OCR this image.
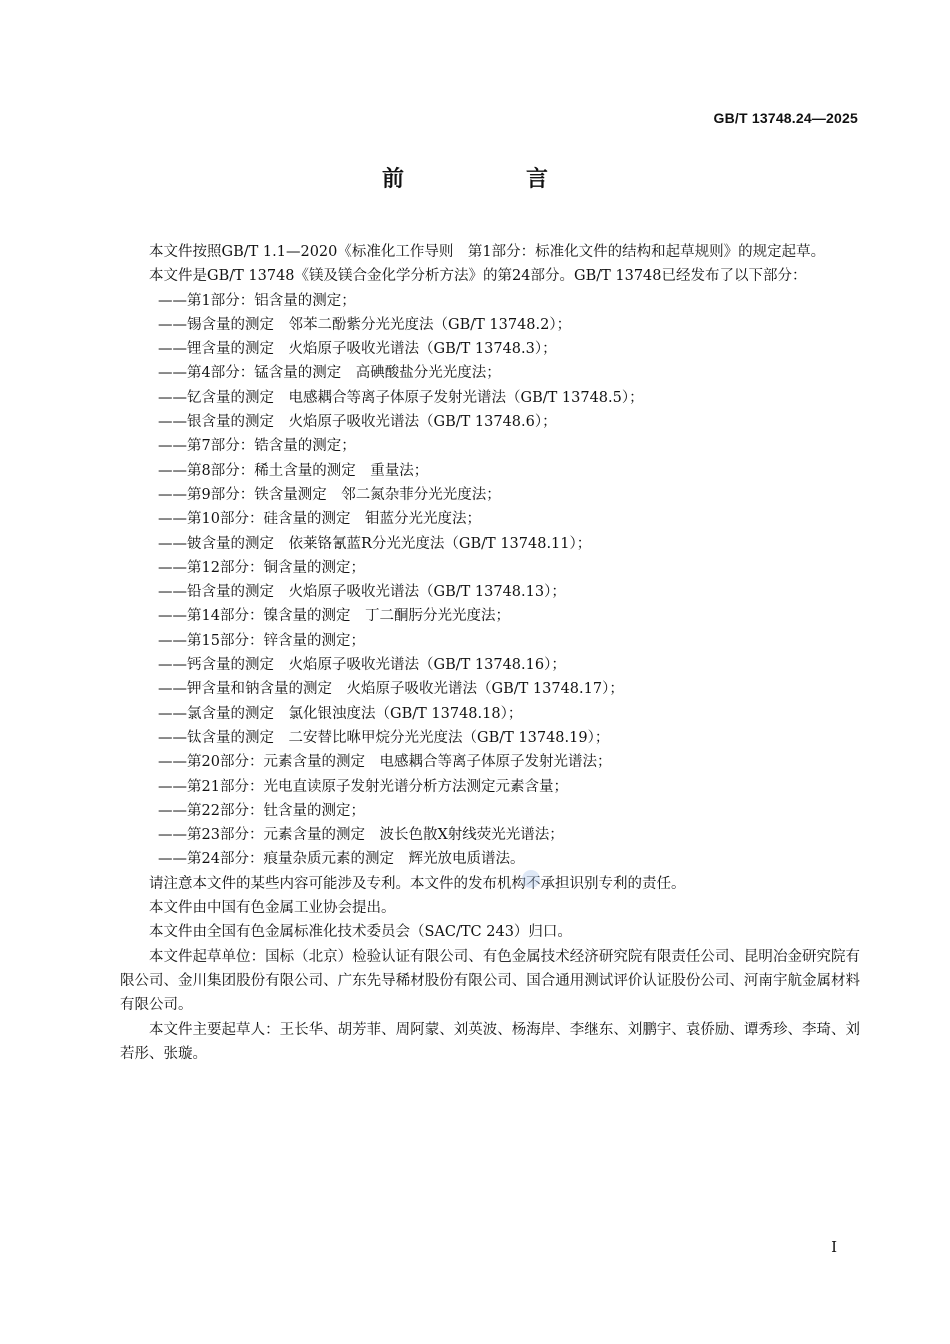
GB/T 13748.24—2025
前　言

本文件按照GB/T 1.1—2020《标准化工作导则　第1部分：标准化文件的结构和起草规则》的规定起草。

本文件是GB/T 13748《镁及镁合金化学分析方法》的第24部分。GB/T 13748已经发布了以下部分：

——第1部分：铝含量的测定；
——锡含量的测定　邻苯二酚紫分光光度法（GB/T 13748.2）；
——锂含量的测定　火焰原子吸收光谱法（GB/T 13748.3）；
——第4部分：锰含量的测定　高碘酸盐分光光度法；
——钇含量的测定　电感耦合等离子体原子发射光谱法（GB/T 13748.5）；
——银含量的测定　火焰原子吸收光谱法（GB/T 13748.6）；
——第7部分：锆含量的测定；
——第8部分：稀土含量的测定　重量法；
——第9部分：铁含量测定　邻二氮杂菲分光光度法；
——第10部分：硅含量的测定　钼蓝分光光度法；
——铍含量的测定　依莱铬氰蓝R分光光度法（GB/T 13748.11）；
——第12部分：铜含量的测定；
——铅含量的测定　火焰原子吸收光谱法（GB/T 13748.13）；
——第14部分：镍含量的测定　丁二酮肟分光光度法；
——第15部分：锌含量的测定；
——钙含量的测定　火焰原子吸收光谱法（GB/T 13748.16）；
——钾含量和钠含量的测定　火焰原子吸收光谱法（GB/T 13748.17）；
——氯含量的测定　氯化银浊度法（GB/T 13748.18）；
——钛含量的测定　二安替比咻甲烷分光光度法（GB/T 13748.19）；
——第20部分：元素含量的测定　电感耦合等离子体原子发射光谱法；
——第21部分：光电直读原子发射光谱分析方法测定元素含量；
——第22部分：钍含量的测定；
——第23部分：元素含量的测定　波长色散X射线荧光光谱法；
——第24部分：痕量杂质元素的测定　辉光放电质谱法。

请注意本文件的某些内容可能涉及专利。本文件的发布机构不承担识别专利的责任。

本文件由中国有色金属工业协会提出。

本文件由全国有色金属标准化技术委员会（SAC/TC 243）归口。

本文件起草单位：国标（北京）检验认证有限公司、有色金属技术经济研究院有限责任公司、昆明冶金研究院有限公司、金川集团股份有限公司、广东先导稀材股份有限公司、国合通用测试评价认证股份公司、河南宇航金属材料有限公司。

本文件主要起草人：王长华、胡芳菲、周阿蒙、刘英波、杨海岸、李继东、刘鹏宇、袁侨励、谭秀珍、李琦、刘若彤、张璇。

I
